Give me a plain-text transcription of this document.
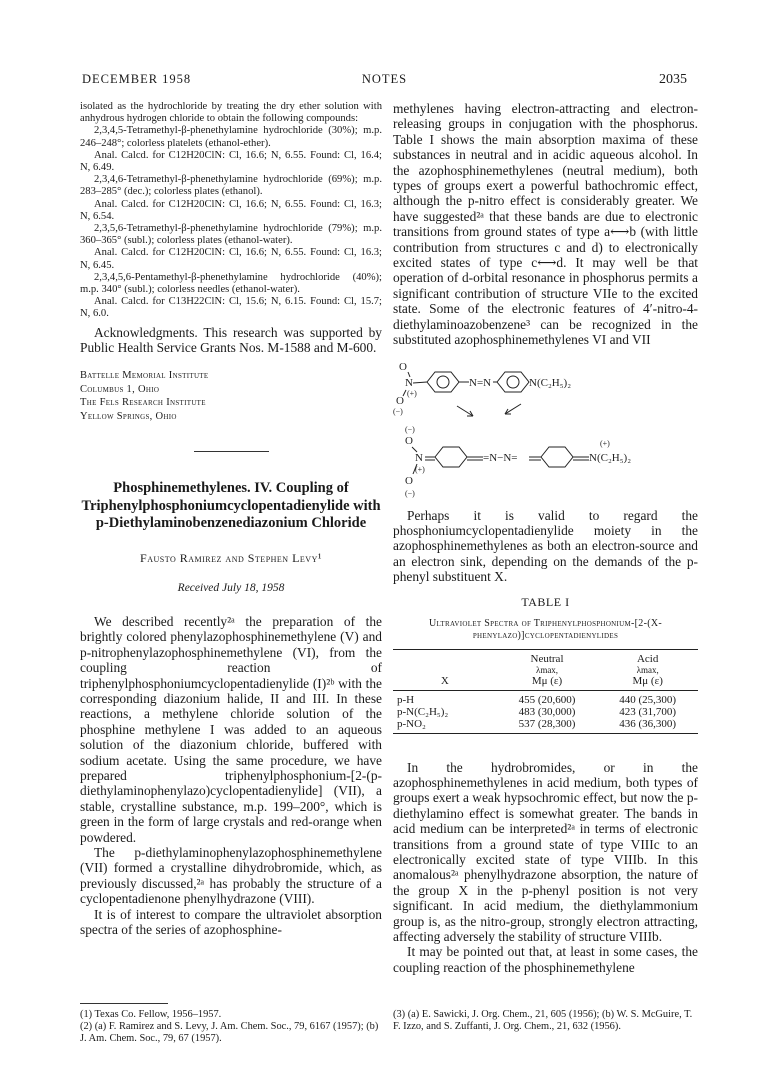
DECEMBER 1958	NOTES	2035

isolated as the hydrochloride by treating the dry ether solution with anhydrous hydrogen chloride to obtain the following compounds:

2,3,4,5-Tetramethyl-β-phenethylamine hydrochloride (30%); m.p. 246–248°; colorless platelets (ethanol-ether).

Anal. Calcd. for C12H20ClN: Cl, 16.6; N, 6.55. Found: Cl, 16.4; N, 6.49.

2,3,4,6-Tetramethyl-β-phenethylamine hydrochloride (69%); m.p. 283–285° (dec.); colorless plates (ethanol).

Anal. Calcd. for C12H20ClN: Cl, 16.6; N, 6.55. Found: Cl, 16.3; N, 6.54.

2,3,5,6-Tetramethyl-β-phenethylamine hydrochloride (79%); m.p. 360–365° (subl.); colorless plates (ethanol-water).

Anal. Calcd. for C12H20ClN: Cl, 16.6; N, 6.55. Found: Cl, 16.3; N, 6.45.

2,3,4,5,6-Pentamethyl-β-phenethylamine hydrochloride (40%); m.p. 340° (subl.); colorless needles (ethanol-water).

Anal. Calcd. for C13H22ClN: Cl, 15.6; N, 6.15. Found: Cl, 15.7; N, 6.0.

Acknowledgments. This research was supported by Public Health Service Grants Nos. M-1588 and M-600.

Battelle Memorial Institute
Columbus 1, Ohio
The Fels Research Institute
Yellow Springs, Ohio
Phosphinemethylenes. IV. Coupling of Triphenylphosphoniumcyclopentadienylide with p-Diethylaminobenzenediazonium Chloride
Fausto Ramirez and Stephen Levy¹
Received July 18, 1958

We described recently²ᵃ the preparation of the brightly colored phenylazophosphinemethylene (V) and p-nitrophenylazophosphinemethylene (VI), from the coupling reaction of triphenylphosphoniumcyclopentadienylide (I)²ᵇ with the corresponding diazonium halide, II and III. In these reactions, a methylene chloride solution of the phosphine methylene I was added to an aqueous solution of the diazonium chloride, buffered with sodium acetate. Using the same procedure, we have prepared triphenylphosphonium-[2-(p-diethylaminophenylazo)cyclopentadienylide] (VII), a stable, crystalline substance, m.p. 199–200°, which is green in the form of large crystals and red-orange when powdered.

The p-diethylaminophenylazophosphinemethylene (VII) formed a crystalline dihydrobromide, which, as previously discussed,²ᵃ has probably the structure of a cyclopentadienone phenylhydrazone (VIII).

It is of interest to compare the ultraviolet absorption spectra of the series of azophosphine-

(1) Texas Co. Fellow, 1956–1957.
(2) (a) F. Ramirez and S. Levy, J. Am. Chem. Soc., 79, 6167 (1957); (b) J. Am. Chem. Soc., 79, 67 (1957).

methylenes having electron-attracting and electron-releasing groups in conjugation with the phosphorus. Table I shows the main absorption maxima of these substances in neutral and in acidic aqueous alcohol. In the azophosphinemethylenes (neutral medium), both types of groups exert a powerful bathochromic effect, although the p-nitro effect is considerably greater. We have suggested²ᵃ that these bands are due to electronic transitions from ground states of type a⟷b (with little contribution from structures c and d) to electronically excited states of type c⟷d. It may well be that operation of d-orbital resonance in phosphorus permits a significant contribution of structure VIIe to the excited state. Some of the electronic features of 4′-nitro-4-diethylaminoazobenzene³ can be recognized in the substituted azophosphinemethylenes VI and VII

O
N
(+)
O
(−)
N=N	N(C₂H₅)₂
(−)
O
N
(+)
O
(−)
=N−N=	N(C₂H₅)₂
(+)

Perhaps it is valid to regard the phosphoniumcyclopentadienylide moiety in the azophosphinemethylenes as both an electron-source and an electron sink, depending on the demands of the p-phenyl substituent X.

TABLE I
Ultraviolet Spectra of Triphenylphosphonium-[2-(X-phenylazo)]cyclopentadienylides
	Neutral	Acid
	λmax,	λmax,
X	Mμ (ε)	Mμ (ε)
p-H	455 (20,600)	440 (25,300)
p-N(C₂H₅)₂	483 (30,000)	423 (31,700)
p-NO₂	537 (28,300)	436 (36,300)

In the hydrobromides, or in the azophosphinemethylenes in acid medium, both types of groups exert a weak hypsochromic effect, but now the p-diethylamino effect is somewhat greater. The bands in acid medium can be interpreted²ᵃ in terms of electronic transitions from a ground state of type VIIIc to an electronically excited state of type VIIIb. In this anomalous²ᵃ phenylhydrazone absorption, the nature of the group X in the p-phenyl position is not very significant. In acid medium, the diethylammonium group is, as the nitro-group, strongly electron attracting, affecting adversely the stability of structure VIIIb.

It may be pointed out that, at least in some cases, the coupling reaction of the phosphinemethylene

(3) (a) E. Sawicki, J. Org. Chem., 21, 605 (1956); (b) W. S. McGuire, T. F. Izzo, and S. Zuffanti, J. Org. Chem., 21, 632 (1956).
